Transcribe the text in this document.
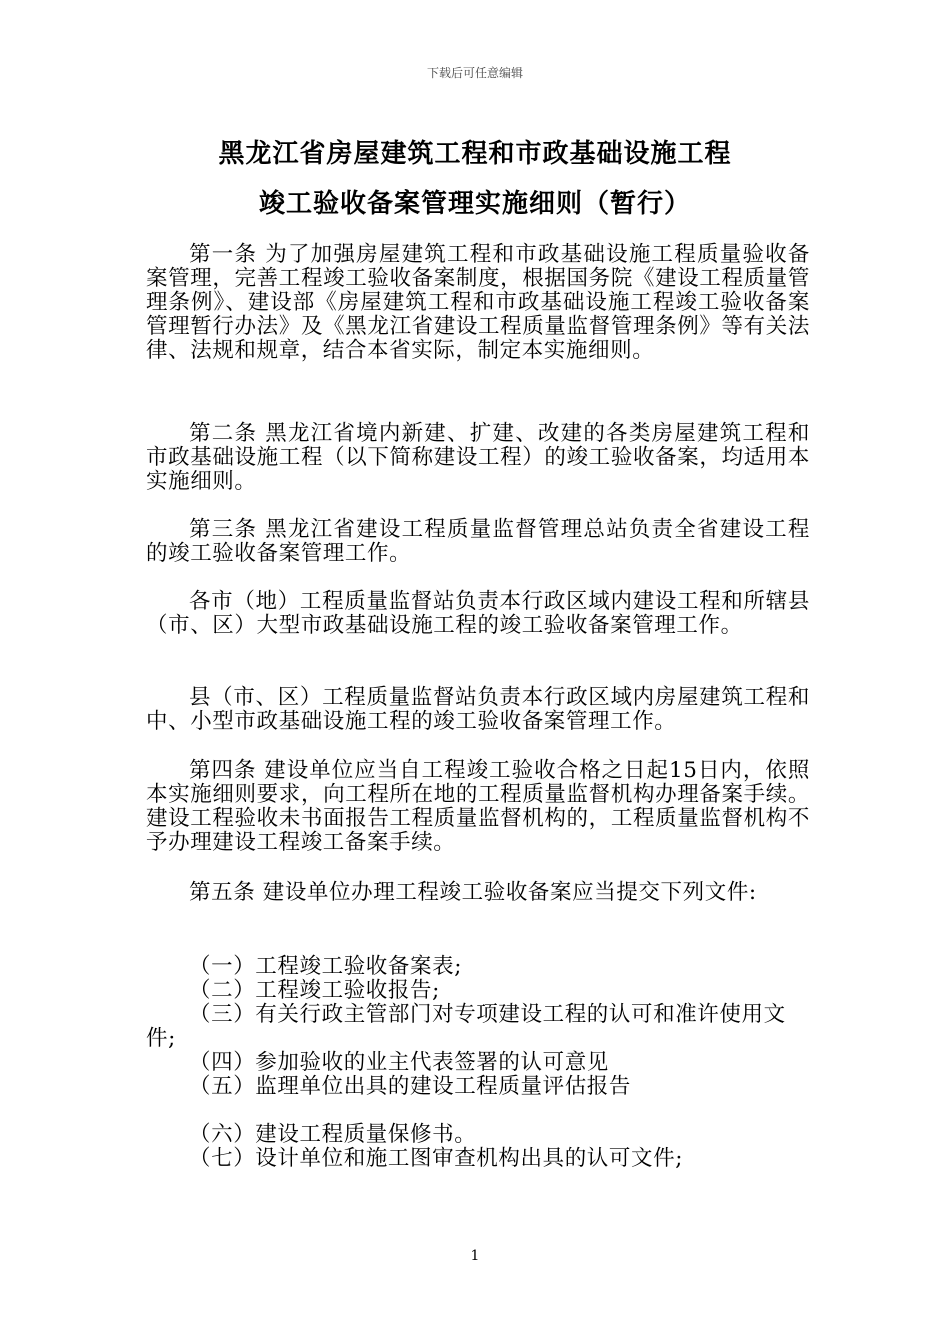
下载后可任意编辑
黑龙江省房屋建筑工程和市政基础设施工程
竣工验收备案管理实施细则（暂行）

第一条 为了加强房屋建筑工程和市政基础设施工程质量验收备案管理，完善工程竣工验收备案制度，根据国务院《建设工程质量管理条例》、建设部《房屋建筑工程和市政基础设施工程竣工验收备案管理暂行办法》及《黑龙江省建设工程质量监督管理条例》等有关法律、法规和规章，结合本省实际，制定本实施细则。

第二条 黑龙江省境内新建、扩建、改建的各类房屋建筑工程和市政基础设施工程（以下简称建设工程）的竣工验收备案，均适用本实施细则。

第三条 黑龙江省建设工程质量监督管理总站负责全省建设工程的竣工验收备案管理工作。

各市（地）工程质量监督站负责本行政区域内建设工程和所辖县（市、区）大型市政基础设施工程的竣工验收备案管理工作。

县（市、区）工程质量监督站负责本行政区域内房屋建筑工程和中、小型市政基础设施工程的竣工验收备案管理工作。

第四条 建设单位应当自工程竣工验收合格之日起15日内，依照本实施细则要求，向工程所在地的工程质量监督机构办理备案手续。建设工程验收未书面报告工程质量监督机构的，工程质量监督机构不予办理建设工程竣工备案手续。

第五条 建设单位办理工程竣工验收备案应当提交下列文件:

（一）工程竣工验收备案表;

（二）工程竣工验收报告;

（三）有关行政主管部门对专项建设工程的认可和准许使用文件;

（四）参加验收的业主代表签署的认可意见

（五）监理单位出具的建设工程质量评估报告

（六）建设工程质量保修书。

（七）设计单位和施工图审查机构出具的认可文件;

1
